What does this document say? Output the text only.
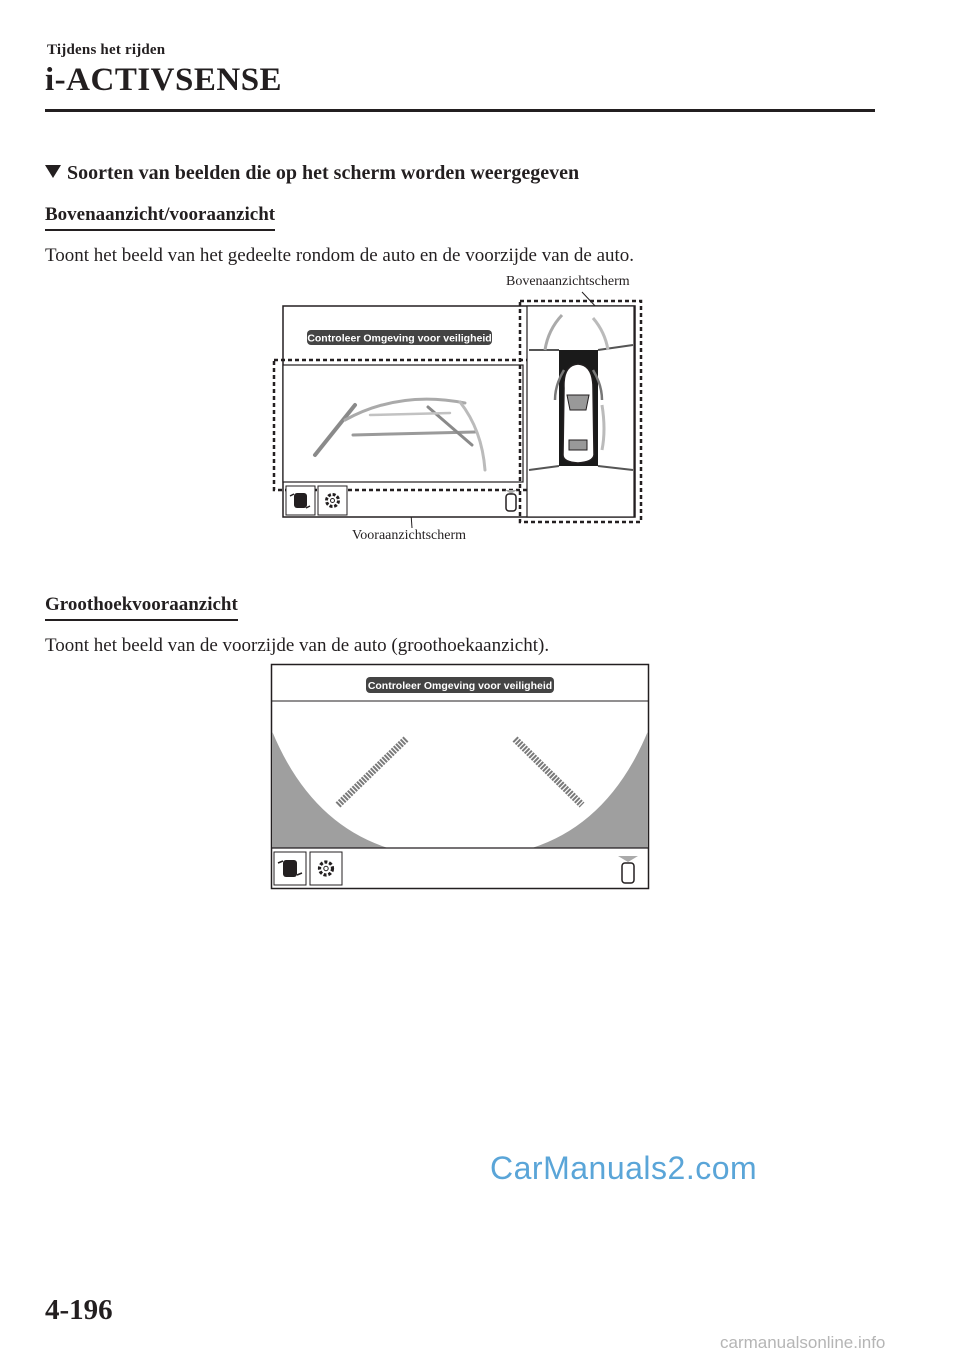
Tijdens het rijden
i-ACTIVSENSE
Soorten van beelden die op het scherm worden weergegeven
Bovenaanzicht/vooraanzicht
Toont het beeld van het gedeelte rondom de auto en de voorzijde van de auto.
Bovenaanzichtscherm
Vooraanzichtscherm
Controleer Omgeving voor veiligheid
Groothoekvooraanzicht
Toont het beeld van de voorzijde van de auto (groothoekaanzicht).
Controleer Omgeving voor veiligheid
CarManuals2.com
4-196
carmanualsonline.info
